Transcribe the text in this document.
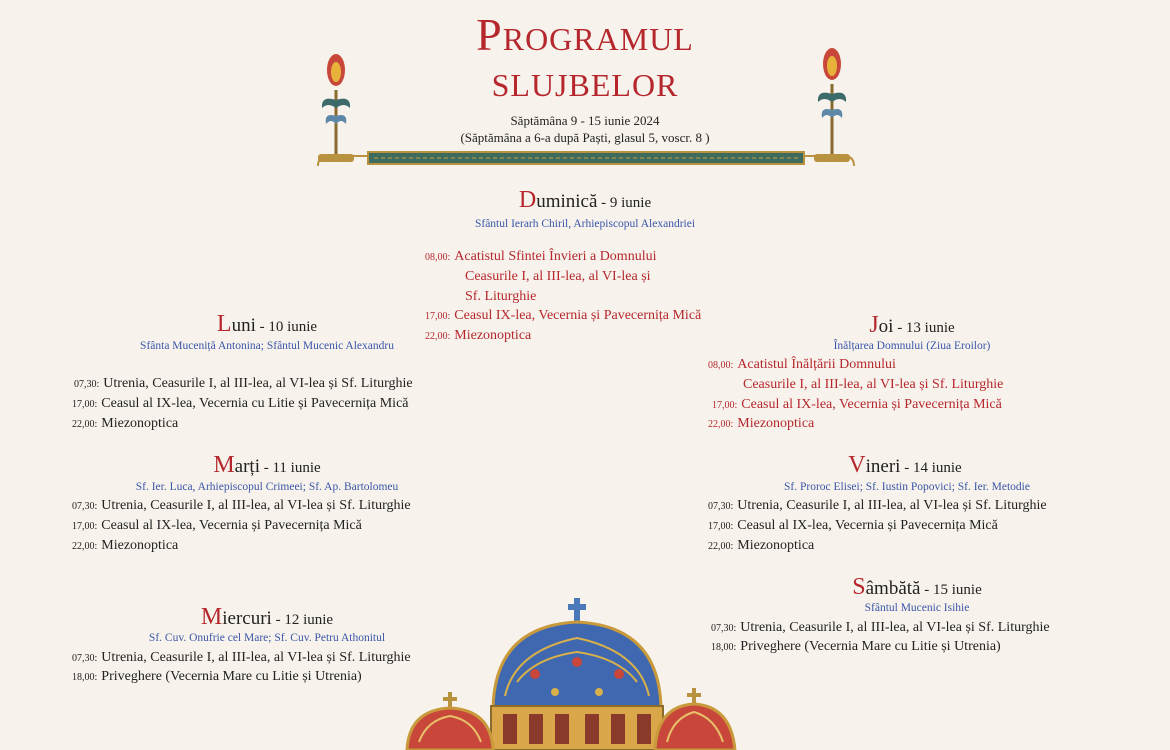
Programul
slujbelor
Săptămâna 9 - 15 iunie 2024
(Săptămâna a 6-a după Paști, glasul 5, voscr. 8 )
Duminică - 9 iunie
Sfântul Ierarh Chiril, Arhiepiscopul Alexandriei
08,00: Acatistul Sfintei Învieri a Domnului
Ceasurile I, al III-lea, al VI-lea și
Sf. Liturghie
17,00: Ceasul IX-lea, Vecernia și Pavecernița Mică
22,00: Miezonoptica
Luni - 10 iunie
Sfânta Muceniță Antonina; Sfântul Mucenic Alexandru
07,30: Utrenia, Ceasurile I, al III-lea, al VI-lea și Sf. Liturghie
17,00: Ceasul al IX-lea, Vecernia cu Litie și Pavecernița Mică
22,00: Miezonoptica
Marți - 11 iunie
Sf. Ier. Luca, Arhiepiscopul Crimeei; Sf. Ap. Bartolomeu
07,30: Utrenia, Ceasurile I, al III-lea, al VI-lea și Sf. Liturghie
17,00: Ceasul al IX-lea, Vecernia și Pavecernița Mică
22,00: Miezonoptica
Miercuri - 12 iunie
Sf. Cuv. Onufrie cel Mare; Sf. Cuv. Petru Athonitul
07,30: Utrenia, Ceasurile I, al III-lea, al VI-lea și Sf. Liturghie
18,00: Priveghere (Vecernia Mare cu Litie și Utrenia)
Joi - 13 iunie
Înălțarea Domnului (Ziua Eroilor)
08,00: Acatistul Înălțării Domnului
Ceasurile I, al III-lea, al VI-lea și Sf. Liturghie
17,00: Ceasul al IX-lea, Vecernia și Pavecernița Mică
22,00: Miezonoptica
Vineri - 14 iunie
Sf. Proroc Elisei; Sf. Iustin Popovici; Sf. Ier. Metodie
07,30: Utrenia, Ceasurile I, al III-lea, al VI-lea și Sf. Liturghie
17,00: Ceasul al IX-lea, Vecernia și Pavecernița Mică
22,00: Miezonoptica
Sâmbătă - 15 iunie
Sfântul Mucenic Isihie
07,30: Utrenia, Ceasurile I, al III-lea, al VI-lea și Sf. Liturghie
18,00: Priveghere (Vecernia Mare cu Litie și Utrenia)
